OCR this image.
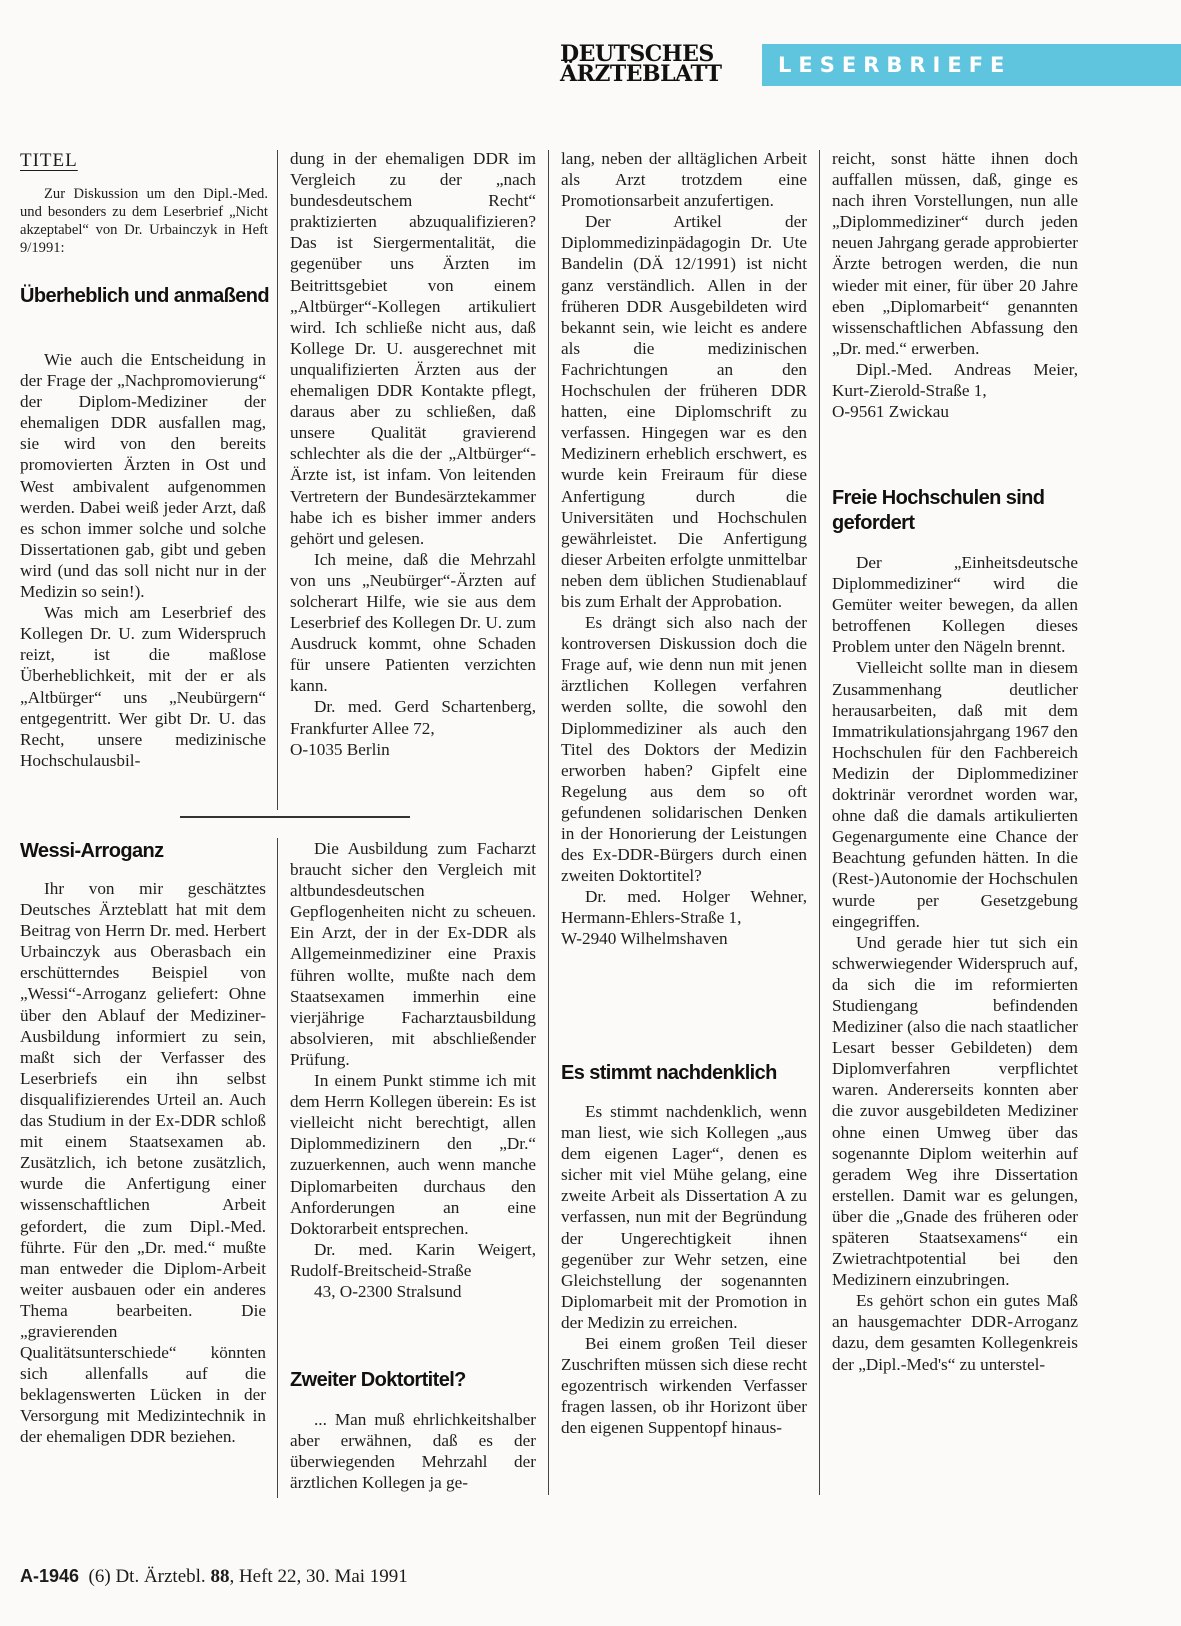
DEUTSCHES
ÄRZTEBLATT	LESERBRIEFE
TITEL
Zur Diskussion um den Dipl.-Med. und besonders zu dem Leserbrief „Nicht akzeptabel“ von Dr. Urbainczyk in Heft 9/1991:
Überheblich und anmaßend

Wie auch die Entscheidung in der Frage der „Nachpromovierung“ der Diplom-Mediziner der ehemaligen DDR ausfallen mag, sie wird von den bereits promovierten Ärzten in Ost und West ambivalent aufgenommen werden. Dabei weiß jeder Arzt, daß es schon immer solche und solche Dissertationen gab, gibt und geben wird (und das soll nicht nur in der Medizin so sein!).

Was mich am Leserbrief des Kollegen Dr. U. zum Widerspruch reizt, ist die maßlose Überheblichkeit, mit der er als „Altbürger“ uns „Neubürgern“ entgegentritt. Wer gibt Dr. U. das Recht, unsere medizinische Hochschulausbil-

dung in der ehemaligen DDR im Vergleich zu der „nach bundesdeutschem Recht“ praktizierten abzuqualifizieren? Das ist Siergermentalität, die gegenüber uns Ärzten im Beitrittsgebiet von einem „Altbürger“-Kollegen artikuliert wird. Ich schließe nicht aus, daß Kollege Dr. U. ausgerechnet mit unqualifizierten Ärzten aus der ehemaligen DDR Kontakte pflegt, daraus aber zu schließen, daß unsere Qualität gravierend schlechter als die der „Altbürger“-Ärzte ist, ist infam. Von leitenden Vertretern der Bundesärztekammer habe ich es bisher immer anders gehört und gelesen.

Ich meine, daß die Mehrzahl von uns „Neubürger“-Ärzten auf solcherart Hilfe, wie sie aus dem Leserbrief des Kollegen Dr. U. zum Ausdruck kommt, ohne Schaden für unsere Patienten verzichten kann.

Dr. med. Gerd Schartenberg, Frankfurter Allee 72,
O-1035 Berlin

Wessi-Arroganz

Ihr von mir geschätztes Deutsches Ärzteblatt hat mit dem Beitrag von Herrn Dr. med. Herbert Urbainczyk aus Oberasbach ein erschütterndes Beispiel von „Wessi“-Arroganz geliefert: Ohne über den Ablauf der Mediziner-Ausbildung informiert zu sein, maßt sich der Verfasser des Leserbriefs ein ihn selbst disqualifizierendes Urteil an. Auch das Studium in der Ex-DDR schloß mit einem Staatsexamen ab. Zusätzlich, ich betone zusätzlich, wurde die Anfertigung einer wissenschaftlichen Arbeit gefordert, die zum Dipl.-Med. führte. Für den „Dr. med.“ mußte man entweder die Diplom-Arbeit weiter ausbauen oder ein anderes Thema bearbeiten. Die „gravierenden Qualitätsunterschiede“ könnten sich allenfalls auf die beklagenswerten Lücken in der Versorgung mit Medizintechnik in der ehemaligen DDR beziehen.

Die Ausbildung zum Facharzt braucht sicher den Vergleich mit altbundesdeutschen Gepflogenheiten nicht zu scheuen. Ein Arzt, der in der Ex-DDR als Allgemeinmediziner eine Praxis führen wollte, mußte nach dem Staatsexamen immerhin eine vierjährige Facharztausbildung absolvieren, mit abschließender Prüfung.

In einem Punkt stimme ich mit dem Herrn Kollegen überein: Es ist vielleicht nicht berechtigt, allen Diplommedizinern den „Dr.“ zuzuerkennen, auch wenn manche Diplomarbeiten durchaus den Anforderungen an eine Doktorarbeit entsprechen.

Dr. med. Karin Weigert, Rudolf-Breitscheid-Straße
43, O-2300 Stralsund

Zweiter Doktortitel?

... Man muß ehrlichkeitshalber aber erwähnen, daß es der überwiegenden Mehrzahl der ärztlichen Kollegen ja ge-

lang, neben der alltäglichen Arbeit als Arzt trotzdem eine Promotionsarbeit anzufertigen.

Der Artikel der Diplommedizinpädagogin Dr. Ute Bandelin (DÄ 12/1991) ist nicht ganz verständlich. Allen in der früheren DDR Ausgebildeten wird bekannt sein, wie leicht es andere als die medizinischen Fachrichtungen an den Hochschulen der früheren DDR hatten, eine Diplomschrift zu verfassen. Hingegen war es den Medizinern erheblich erschwert, es wurde kein Freiraum für diese Anfertigung durch die Universitäten und Hochschulen gewährleistet. Die Anfertigung dieser Arbeiten erfolgte unmittelbar neben dem üblichen Studienablauf bis zum Erhalt der Approbation.

Es drängt sich also nach der kontroversen Diskussion doch die Frage auf, wie denn nun mit jenen ärztlichen Kollegen verfahren werden sollte, die sowohl den Diplommediziner als auch den Titel des Doktors der Medizin erworben haben? Gipfelt eine Regelung aus dem so oft gefundenen solidarischen Denken in der Honorierung der Leistungen des Ex-DDR-Bürgers durch einen zweiten Doktortitel?

Dr. med. Holger Wehner, Hermann-Ehlers-Straße 1,
W-2940 Wilhelmshaven

Es stimmt nachdenklich

Es stimmt nachdenklich, wenn man liest, wie sich Kollegen „aus dem eigenen Lager“, denen es sicher mit viel Mühe gelang, eine zweite Arbeit als Dissertation A zu verfassen, nun mit der Begründung der Ungerechtigkeit ihnen gegenüber zur Wehr setzen, eine Gleichstellung der sogenannten Diplomarbeit mit der Promotion in der Medizin zu erreichen.

Bei einem großen Teil dieser Zuschriften müssen sich diese recht egozentrisch wirkenden Verfasser fragen lassen, ob ihr Horizont über den eigenen Suppentopf hinaus-

reicht, sonst hätte ihnen doch auffallen müssen, daß, ginge es nach ihren Vorstellungen, nun alle „Diplommediziner“ durch jeden neuen Jahrgang gerade approbierter Ärzte betrogen werden, die nun wieder mit einer, für über 20 Jahre eben „Diplomarbeit“ genannten wissenschaftlichen Abfassung den „Dr. med.“ erwerben.

Dipl.-Med. Andreas Meier, Kurt-Zierold-Straße 1,
O-9561 Zwickau

Freie Hochschulen sind gefordert

Der „Einheitsdeutsche Diplommediziner“ wird die Gemüter weiter bewegen, da allen betroffenen Kollegen dieses Problem unter den Nägeln brennt.

Vielleicht sollte man in diesem Zusammenhang deutlicher herausarbeiten, daß mit dem Immatrikulationsjahrgang 1967 den Hochschulen für den Fachbereich Medizin der Diplommediziner doktrinär verordnet worden war, ohne daß die damals artikulierten Gegenargumente eine Chance der Beachtung gefunden hätten. In die (Rest-)Autonomie der Hochschulen wurde per Gesetzgebung eingegriffen.

Und gerade hier tut sich ein schwerwiegender Widerspruch auf, da sich die im reformierten Studiengang befindenden Mediziner (also die nach staatlicher Lesart besser Gebildeten) dem Diplomverfahren verpflichtet waren. Andererseits konnten aber die zuvor ausgebildeten Mediziner ohne einen Umweg über das sogenannte Diplom weiterhin auf geradem Weg ihre Dissertation erstellen. Damit war es gelungen, über die „Gnade des früheren oder späteren Staatsexamens“ ein Zwietrachtpotential bei den Medizinern einzubringen.

Es gehört schon ein gutes Maß an hausgemachter DDR-Arroganz dazu, dem gesamten Kollegenkreis der „Dipl.-Med's“ zu unterstel-

A-1946 (6) Dt. Ärztebl. 88, Heft 22, 30. Mai 1991
